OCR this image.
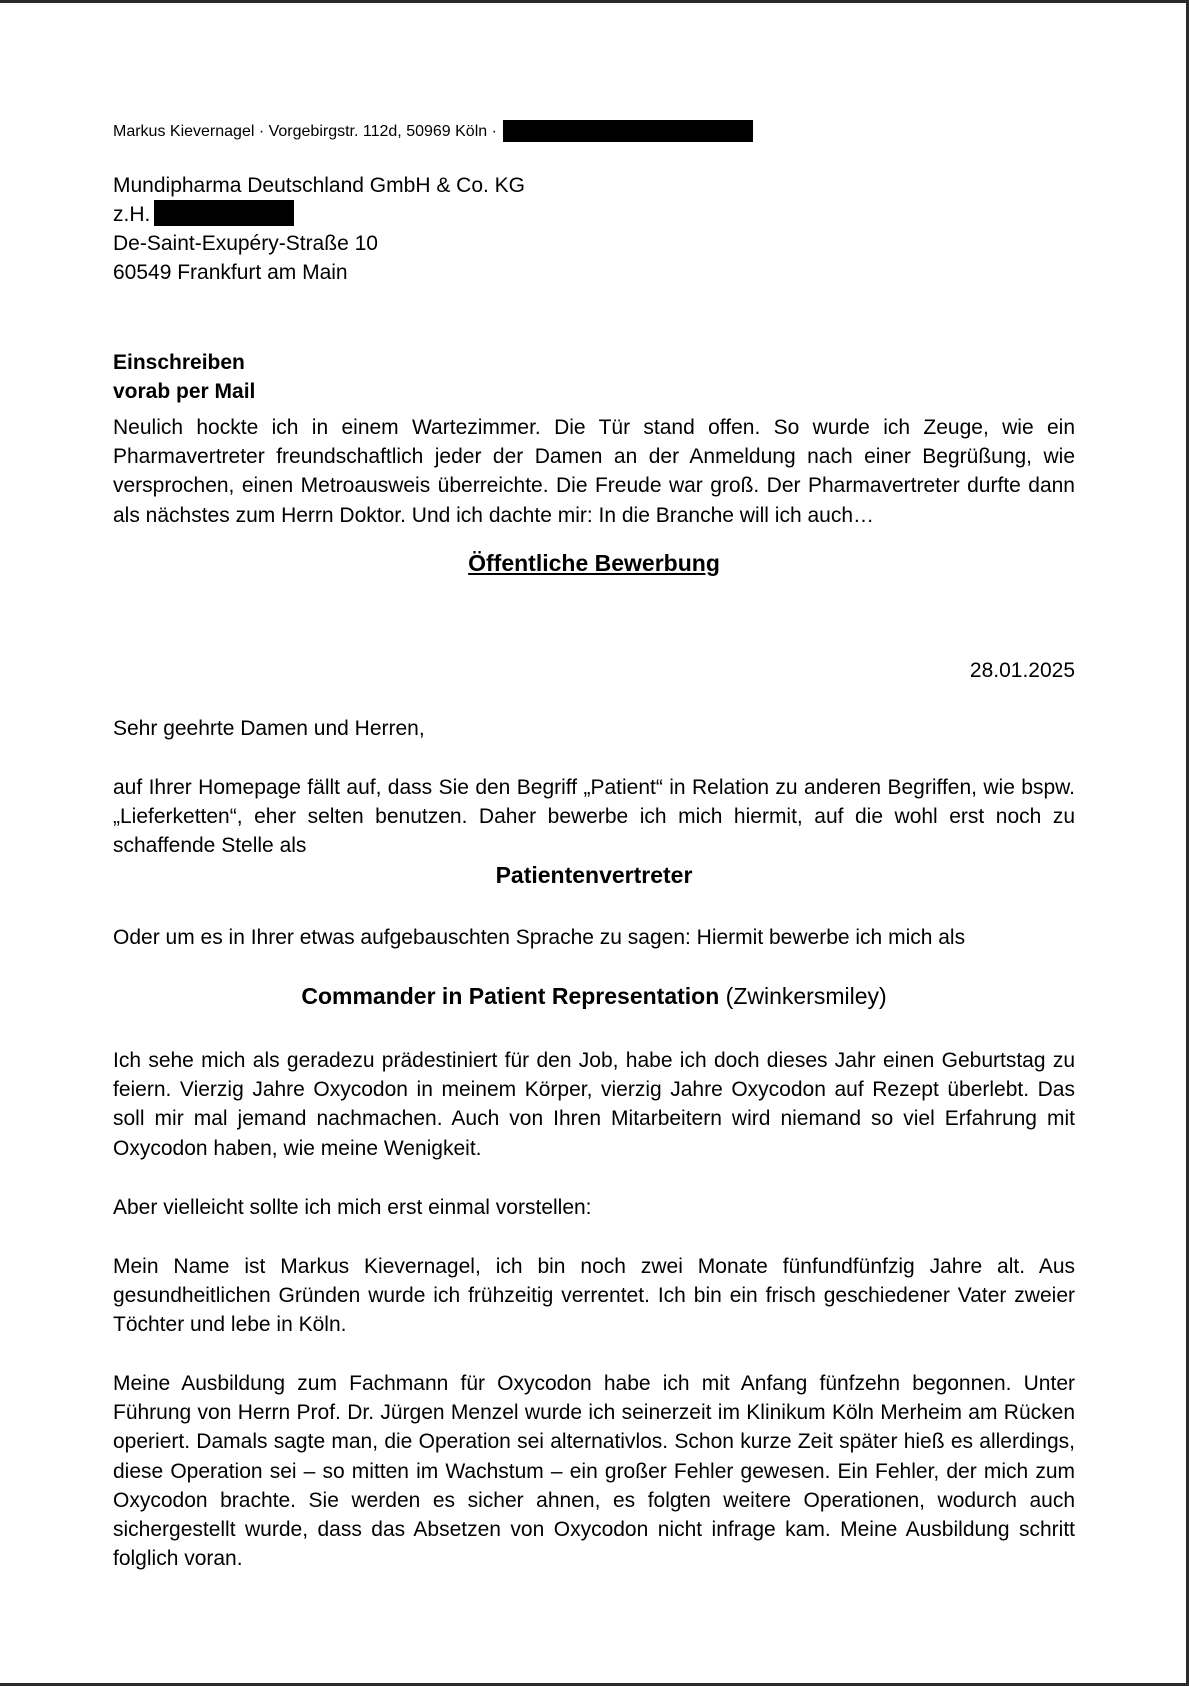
Markus Kievernagel · Vorgebirgstr. 112d, 50969 Köln ·
Mundipharma Deutschland GmbH & Co. KG
z.H.
De-Saint-Exupéry-Straße 10
60549 Frankfurt am Main
Einschreiben
vorab per Mail
Neulich hockte ich in einem Wartezimmer. Die Tür stand offen. So wurde ich Zeuge, wie ein Pharmavertreter freundschaftlich jeder der Damen an der Anmeldung nach einer Begrüßung, wie versprochen, einen Metroausweis überreichte. Die Freude war groß. Der Pharmavertreter durfte dann als nächstes zum Herrn Doktor. Und ich dachte mir: In die Branche will ich auch…
Öffentliche Bewerbung
28.01.2025
Sehr geehrte Damen und Herren,
auf Ihrer Homepage fällt auf, dass Sie den Begriff „Patient“ in Relation zu anderen Begriffen, wie bspw. „Lieferketten“, eher selten benutzen. Daher bewerbe ich mich hiermit, auf die wohl erst noch zu schaffende Stelle als
Patientenvertreter
Oder um es in Ihrer etwas aufgebauschten Sprache zu sagen: Hiermit bewerbe ich mich als
Commander in Patient Representation (Zwinkersmiley)
Ich sehe mich als geradezu prädestiniert für den Job, habe ich doch dieses Jahr einen Geburtstag zu feiern. Vierzig Jahre Oxycodon in meinem Körper, vierzig Jahre Oxycodon auf Rezept überlebt. Das soll mir mal jemand nachmachen. Auch von Ihren Mitarbeitern wird niemand so viel Erfahrung mit Oxycodon haben, wie meine Wenigkeit.
Aber vielleicht sollte ich mich erst einmal vorstellen:
Mein Name ist Markus Kievernagel, ich bin noch zwei Monate fünfundfünfzig Jahre alt. Aus gesundheitlichen Gründen wurde ich frühzeitig verrentet. Ich bin ein frisch geschiedener Vater zweier Töchter und lebe in Köln.
Meine Ausbildung zum Fachmann für Oxycodon habe ich mit Anfang fünfzehn begonnen. Unter Führung von Herrn Prof. Dr. Jürgen Menzel wurde ich seinerzeit im Klinikum Köln Merheim am Rücken operiert. Damals sagte man, die Operation sei alternativlos. Schon kurze Zeit später hieß es allerdings, diese Operation sei – so mitten im Wachstum – ein großer Fehler gewesen. Ein Fehler, der mich zum Oxycodon brachte. Sie werden es sicher ahnen, es folgten weitere Operationen, wodurch auch sichergestellt wurde, dass das Absetzen von Oxycodon nicht infrage kam. Meine Ausbildung schritt folglich voran.
